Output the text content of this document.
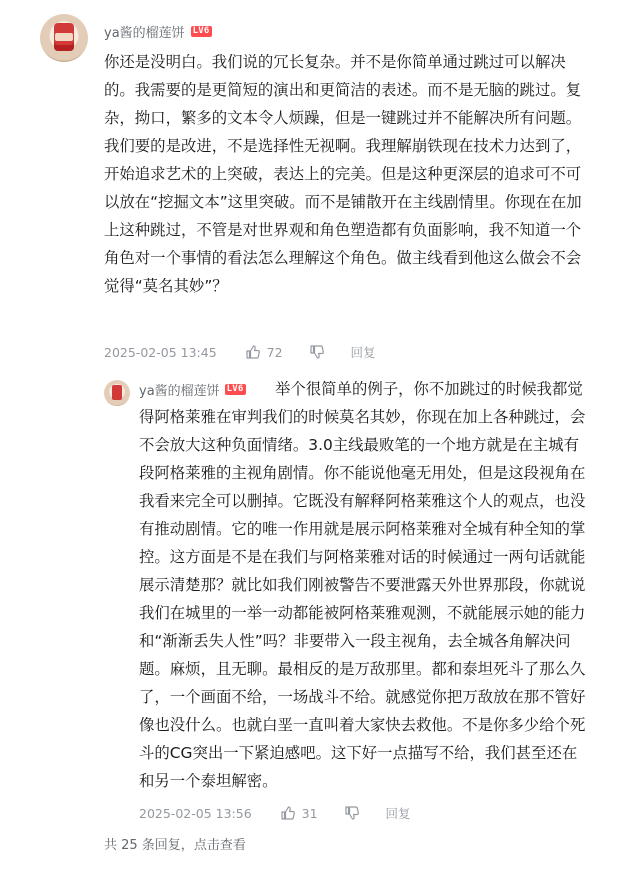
ya酱的榴莲饼 LV6
你还是没明白。我们说的冗长复杂。并不是你简单通过跳过可以解决的。我需要的是更简短的演出和更简洁的表述。而不是无脑的跳过。复杂，拗口，繁多的文本令人烦躁，但是一键跳过并不能解决所有问题。我们要的是改进，不是选择性无视啊。我理解崩铁现在技术力达到了，开始追求艺术的上突破，表达上的完美。但是这种更深层的追求可不可以放在“挖掘文本”这里突破。而不是铺散开在主线剧情里。你现在在加上这种跳过，不管是对世界观和角色塑造都有负面影响，我不知道一个角色对一个事情的看法怎么理解这个角色。做主线看到他这么做会不会觉得“莫名其妙”？
2025-02-05 13:45	72	回复
ya酱的榴莲饼 LV6	举个很简单的例子，你不加跳过的时候我都觉得阿格莱雅在审判我们的时候莫名其妙，你现在加上各种跳过，会不会放大这种负面情绪。3.0主线最败笔的一个地方就是在主城有段阿格莱雅的主视角剧情。你不能说他毫无用处，但是这段视角在我看来完全可以删掉。它既没有解释阿格莱雅这个人的观点，也没有推动剧情。它的唯一作用就是展示阿格莱雅对全城有种全知的掌控。这方面是不是在我们与阿格莱雅对话的时候通过一两句话就能展示清楚那？就比如我们刚被警告不要泄露天外世界那段，你就说我们在城里的一举一动都能被阿格莱雅观测，不就能展示她的能力和“渐渐丢失人性”吗？非要带入一段主视角，去全城各角解决问题。麻烦，且无聊。最相反的是万敌那里。都和泰坦死斗了那么久了，一个画面不给，一场战斗不给。就感觉你把万敌放在那不管好像也没什么。也就白垩一直叫着大家快去救他。不是你多少给个死斗的CG突出一下紧迫感吧。这下好一点描写不给，我们甚至还在和另一个泰坦解密。
2025-02-05 13:56	31	回复
共 25 条回复，点击查看
